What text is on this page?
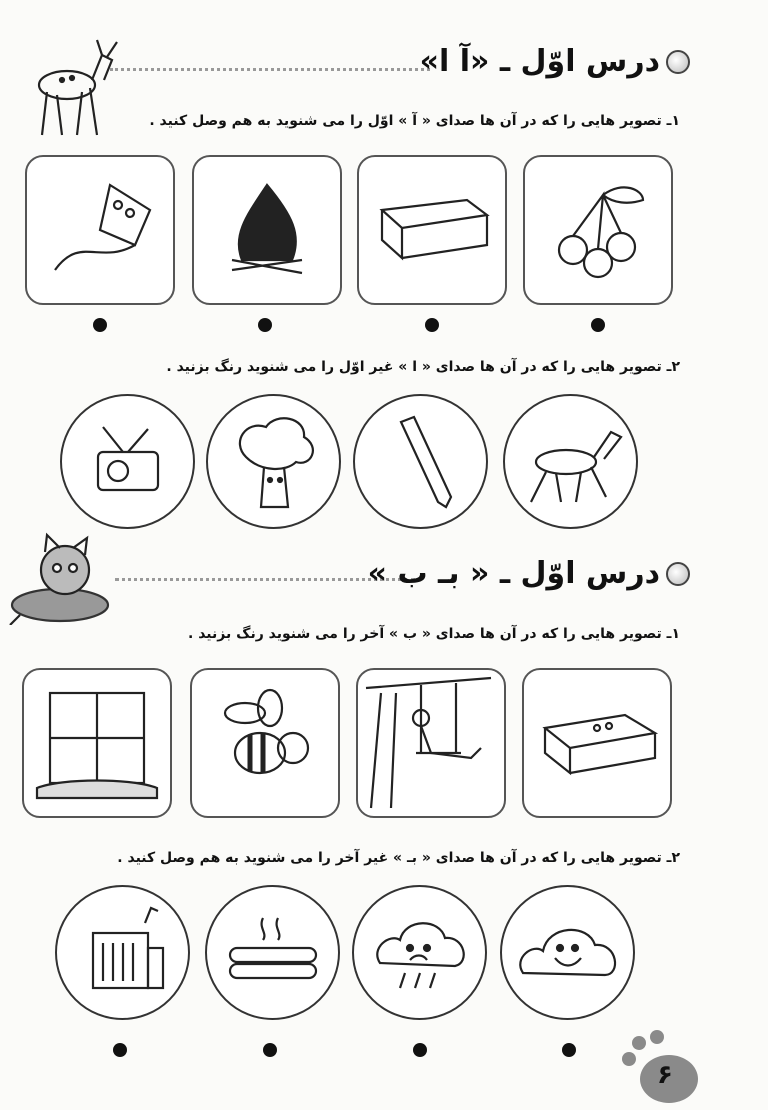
درس اوّل ـ «آ ا»
۱ـ تصویر هایی را که در آن ها صدای « آ » اوّل را می شنوید به هم وصل کنید .
۲ـ تصویر هایی را که در آن ها صدای « ا » غیر اوّل را می شنوید رنگ بزنید .
درس اوّل ـ « بـ ب »
۱ـ تصویر هایی را که در آن ها صدای « ب » آخر را می شنوید رنگ بزنید .
۲ـ تصویر هایی را که در آن ها صدای « بـ » غیر آخر را می شنوید به هم وصل کنید .
۶
